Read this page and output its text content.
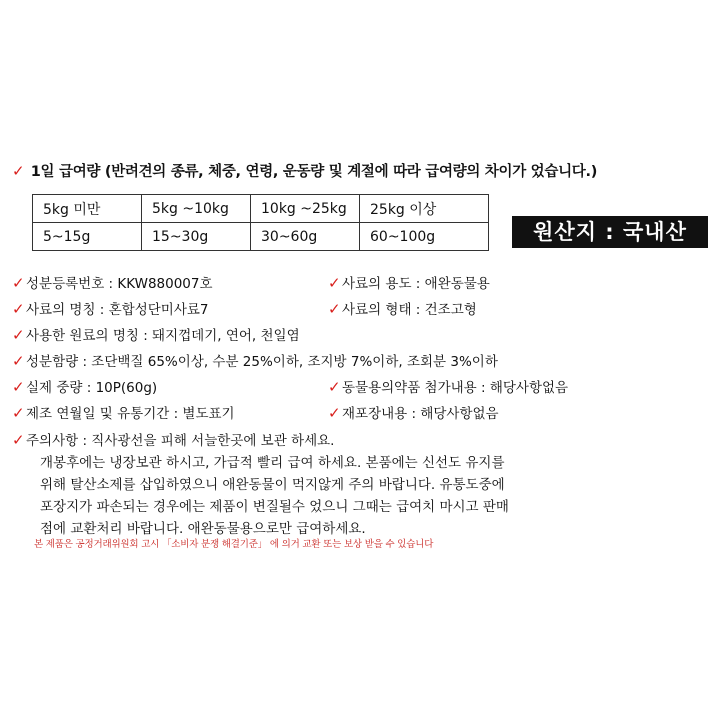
✓ 1일 급여량 (반려견의 종류, 체중, 연령, 운동량 및 계절에 따라 급여량의 차이가 었습니다.)
5kg 미만	5kg ~10kg	10kg ~25kg	25kg 이상
5~15g	15~30g	30~60g	60~100g	원산지 : 국내산
✓성분등록번호 : KKW880007호	✓사료의 용도 : 애완동물용
✓사료의 명칭 : 혼합성단미사료7	✓사료의 형태 : 건조고형
✓사용한 원료의 명칭 : 돼지껍데기, 연어, 천일염
✓성분함량 : 조단백질 65%이상, 수분 25%이하, 조지방 7%이하, 조회분 3%이하
✓실제 중량 : 10P(60g)	✓동물용의약품 첨가내용 : 해당사항없음
✓제조 연월일 및 유통기간 : 별도표기	✓재포장내용 : 해당사항없음
✓주의사항 : 직사광선을 피해 서늘한곳에 보관 하세요.
개봉후에는 냉장보관 하시고, 가급적 빨리 급여 하세요. 본품에는 신선도 유지를
위해 탈산소제를 삽입하였으니 애완동물이 먹지않게 주의 바랍니다. 유통도중에
포장지가 파손되는 경우에는 제품이 변질될수 었으니 그때는 급여치 마시고 판매
점에 교환처리 바랍니다. 애완동물용으로만 급여하세요.
본 제품은 공정거래위원회 고시 「소비자 분쟁 해결기준」 에 의거 교환 또는 보상 받을 수 있습니다
